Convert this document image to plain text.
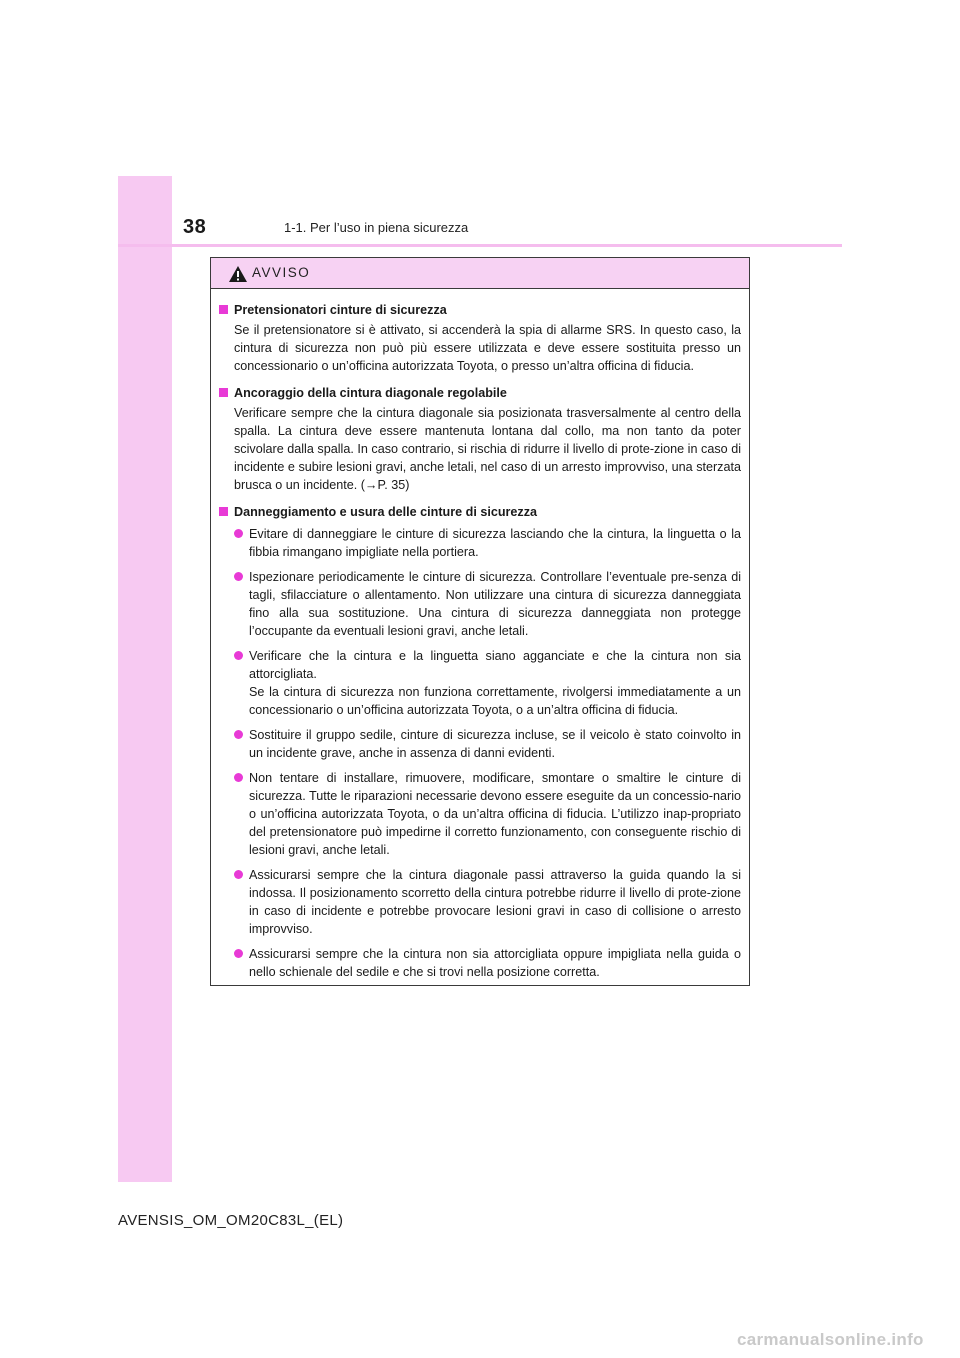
38	1-1. Per l’uso in piena sicurezza
AVVISO
Pretensionatori cinture di sicurezza
Se il pretensionatore si è attivato, si accenderà la spia di allarme SRS. In questo caso, la cintura di sicurezza non può più essere utilizzata e deve essere sostituita presso un concessionario o un’officina autorizzata Toyota, o presso un’altra officina di fiducia.
Ancoraggio della cintura diagonale regolabile
Verificare sempre che la cintura diagonale sia posizionata trasversalmente al centro della spalla. La cintura deve essere mantenuta lontana dal collo, ma non tanto da poter scivolare dalla spalla. In caso contrario, si rischia di ridurre il livello di prote-zione in caso di incidente e subire lesioni gravi, anche letali, nel caso di un arresto improvviso, una sterzata brusca o un incidente. (→P. 35)
Danneggiamento e usura delle cinture di sicurezza
Evitare di danneggiare le cinture di sicurezza lasciando che la cintura, la linguetta o la fibbia rimangano impigliate nella portiera.
Ispezionare periodicamente le cinture di sicurezza. Controllare l’eventuale pre-senza di tagli, sfilacciature o allentamento. Non utilizzare una cintura di sicurezza danneggiata fino alla sua sostituzione. Una cintura di sicurezza danneggiata non protegge l’occupante da eventuali lesioni gravi, anche letali.
Verificare che la cintura e la linguetta siano agganciate e che la cintura non sia attorcigliata.
Se la cintura di sicurezza non funziona correttamente, rivolgersi immediatamente a un concessionario o un’officina autorizzata Toyota, o a un’altra officina di fiducia.
Sostituire il gruppo sedile, cinture di sicurezza incluse, se il veicolo è stato coinvolto in un incidente grave, anche in assenza di danni evidenti.
Non tentare di installare, rimuovere, modificare, smontare o smaltire le cinture di sicurezza. Tutte le riparazioni necessarie devono essere eseguite da un concessio-nario o un’officina autorizzata Toyota, o da un’altra officina di fiducia. L’utilizzo inap-propriato del pretensionatore può impedirne il corretto funzionamento, con conseguente rischio di lesioni gravi, anche letali.
Assicurarsi sempre che la cintura diagonale passi attraverso la guida quando la si indossa. Il posizionamento scorretto della cintura potrebbe ridurre il livello di prote-zione in caso di incidente e potrebbe provocare lesioni gravi in caso di collisione o arresto improvviso.
Assicurarsi sempre che la cintura non sia attorcigliata oppure impigliata nella guida o nello schienale del sedile e che si trovi nella posizione corretta.
AVENSIS_OM_OM20C83L_(EL)
carmanualsonline.info
